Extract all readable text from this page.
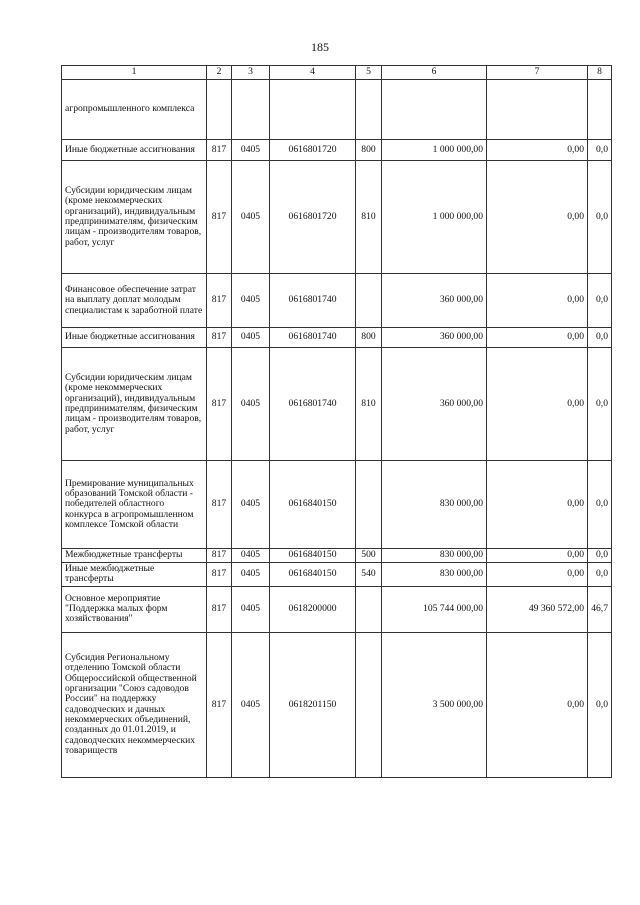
185
1	2	3	4	5	6	7	8
агропромышленного комплекса							
Иные бюджетные ассигнования	817	0405	0616801720	800	1 000 000,00	0,00	0,0
Субсидии юридическим лицам (кроме некоммерческих организаций), индивидуальным предпринимателям, физическим лицам - производителям товаров, работ, услуг	817	0405	0616801720	810	1 000 000,00	0,00	0,0
Финансовое обеспечение затрат на выплату доплат молодым специалистам к заработной плате	817	0405	0616801740		360 000,00	0,00	0,0
Иные бюджетные ассигнования	817	0405	0616801740	800	360 000,00	0,00	0,0
Субсидии юридическим лицам (кроме некоммерческих организаций), индивидуальным предпринимателям, физическим лицам - производителям товаров, работ, услуг	817	0405	0616801740	810	360 000,00	0,00	0,0
Премирование муниципальных образований Томской области - победителей областного конкурса в агропромышленном комплексе Томской области	817	0405	0616840150		830 000,00	0,00	0,0
Межбюджетные трансферты	817	0405	0616840150	500	830 000,00	0,00	0,0
Иные межбюджетные трансферты	817	0405	0616840150	540	830 000,00	0,00	0,0
Основное мероприятие "Поддержка малых форм хозяйствования"	817	0405	0618200000		105 744 000,00	49 360 572,00	46,7
Субсидия Региональному отделению Томской области Общероссийской общественной организации "Союз садоводов России" на поддержку садоводческих и дачных некоммерческих объединений, созданных до 01.01.2019, и садоводческих некоммерческих товариществ	817	0405	0618201150		3 500 000,00	0,00	0,0
